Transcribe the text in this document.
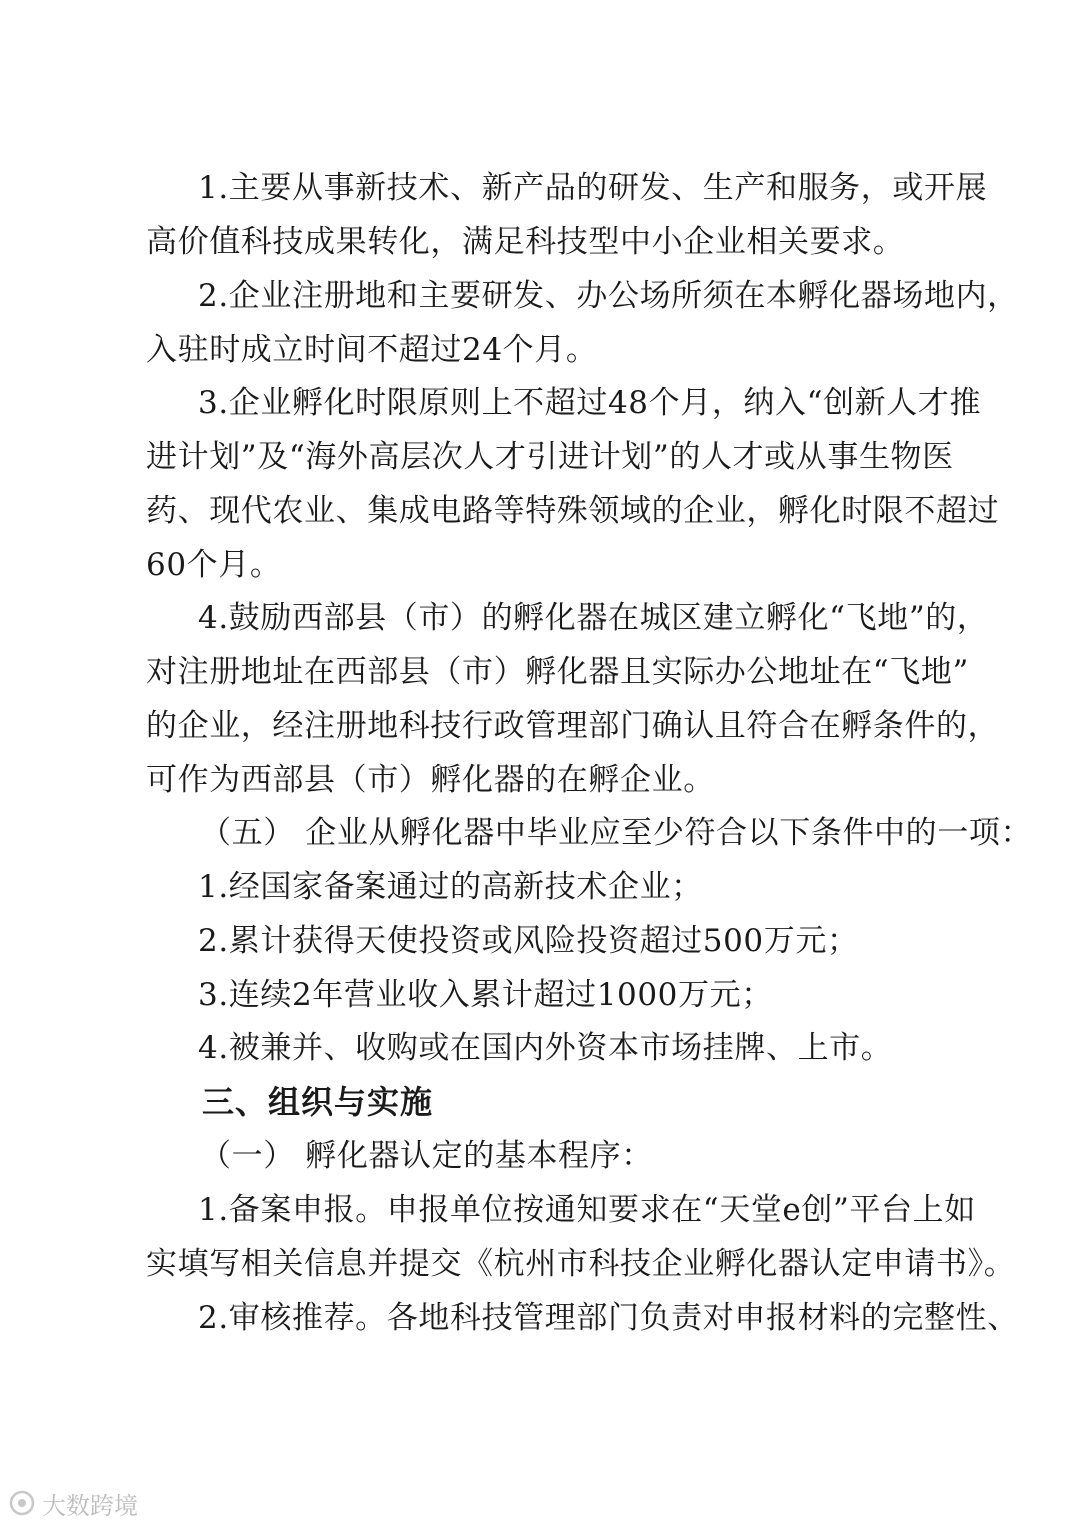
1.主要从事新技术、新产品的研发、生产和服务，或开展
高价值科技成果转化，满足科技型中小企业相关要求。
2.企业注册地和主要研发、办公场所须在本孵化器场地内，
入驻时成立时间不超过24个月。
3.企业孵化时限原则上不超过48个月，纳入“创新人才推
进计划”及“海外高层次人才引进计划”的人才或从事生物医
药、现代农业、集成电路等特殊领域的企业，孵化时限不超过
60个月。
4.鼓励西部县（市）的孵化器在城区建立孵化“飞地”的，
对注册地址在西部县（市）孵化器且实际办公地址在“飞地”
的企业，经注册地科技行政管理部门确认且符合在孵条件的，
可作为西部县（市）孵化器的在孵企业。
（五） 企业从孵化器中毕业应至少符合以下条件中的一项：
1.经国家备案通过的高新技术企业；
2.累计获得天使投资或风险投资超过500万元；
3.连续2年营业收入累计超过1000万元；
4.被兼并、收购或在国内外资本市场挂牌、上市。
三、组织与实施
（一） 孵化器认定的基本程序：
1.备案申报。申报单位按通知要求在“天堂e创”平台上如
实填写相关信息并提交《杭州市科技企业孵化器认定申请书》。
2.审核推荐。各地科技管理部门负责对申报材料的完整性、
大数跨境
